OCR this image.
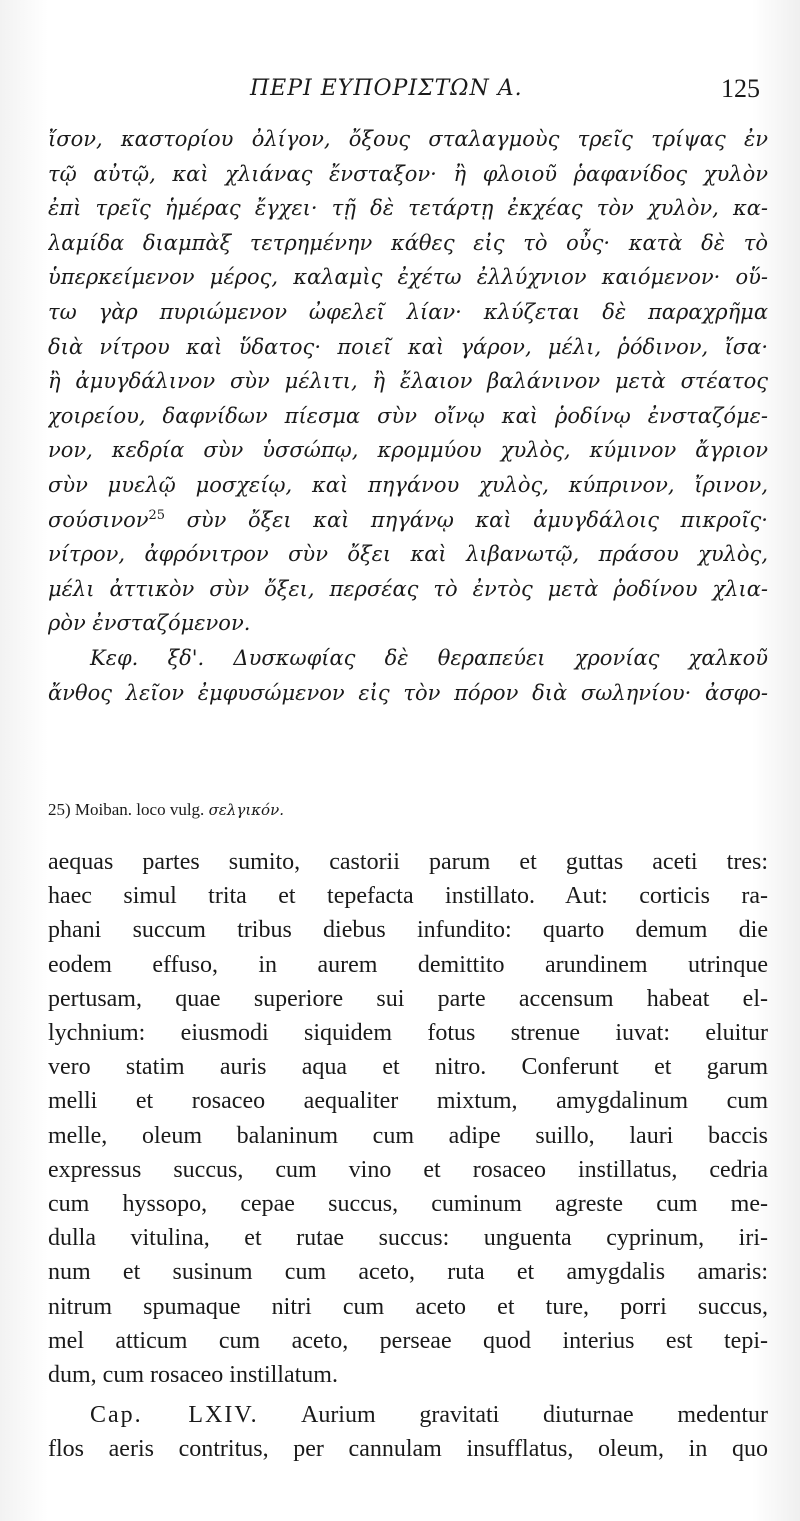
ΠΕΡΙ ΕΥΠΟΡΙΣΤΩΝ Α.	125
ἴσον, καστορίου ὀλίγον, ὄξους σταλαγμοὺς τρεῖς τρίψας ἐν
τῷ αὐτῷ, καὶ χλιάνας ἔνσταξον· ἢ φλοιοῦ ῥαφανίδος χυλὸν
ἐπὶ τρεῖς ἡμέρας ἔγχει· τῇ δὲ τετάρτῃ ἐκχέας τὸν χυλὸν, κα-
λαμίδα διαμπὰξ τετρημένην κάθες εἰς τὸ οὖς· κατὰ δὲ τὸ
ὑπερκείμενον μέρος, καλαμὶς ἐχέτω ἐλλύχνιον καιόμενον· οὕ-
τω γὰρ πυριώμενον ὠφελεῖ λίαν· κλύζεται δὲ παραχρῆμα
διὰ νίτρου καὶ ὕδατος· ποιεῖ καὶ γάρον, μέλι, ῥόδινον, ἴσα·
ἢ ἀμυγδάλινον σὺν μέλιτι, ἢ ἔλαιον βαλάνινον μετὰ στέατος
χοιρείου, δαφνίδων πίεσμα σὺν οἴνῳ καὶ ῥοδίνῳ ἐνσταζόμε-
νον, κεδρία σὺν ὑσσώπῳ, κρομμύου χυλὸς, κύμινον ἄγριον
σὺν μυελῷ μοσχείῳ, καὶ πηγάνου χυλὸς, κύπρινον, ἴρινον,
σούσινον$^{25}$ σὺν ὄξει καὶ πηγάνῳ καὶ ἀμυγδάλοις πικροῖς·
νίτρον, ἀφρόνιτρον σὺν ὄξει καὶ λιβανωτῷ, πράσου χυλὸς,
μέλι ἀττικὸν σὺν ὄξει, περσέας τὸ ἐντὸς μετὰ ῥοδίνου χλια-
ρὸν ἐνσταζόμενον.
Κεφ. ξδ'. Δυσκωφίας δὲ θεραπεύει χρονίας χαλκοῦ
ἄνθος λεῖον ἐμφυσώμενον εἰς τὸν πόρον διὰ σωληνίου· ἀσφο-
25) Moiban. loco vulg. σελγικόν.
aequas partes sumito, castorii parum et guttas aceti tres:
haec simul trita et tepefacta instillato. Aut: corticis ra-
phani succum tribus diebus infundito: quarto demum die
eodem effuso, in aurem demittito arundinem utrinque
pertusam, quae superiore sui parte accensum habeat el-
lychnium: eiusmodi siquidem fotus strenue iuvat: eluitur
vero statim auris aqua et nitro. Conferunt et garum
melli et rosaceo aequaliter mixtum, amygdalinum cum
melle, oleum balaninum cum adipe suillo, lauri baccis
expressus succus, cum vino et rosaceo instillatus, cedria
cum hyssopo, cepae succus, cuminum agreste cum me-
dulla vitulina, et rutae succus: unguenta cyprinum, iri-
num et susinum cum aceto, ruta et amygdalis amaris:
nitrum spumaque nitri cum aceto et ture, porri succus,
mel atticum cum aceto, perseae quod interius est tepi-
dum, cum rosaceo instillatum.
Cap. LXIV. Aurium gravitati diuturnae medentur
flos aeris contritus, per cannulam insufflatus, oleum, in quo
